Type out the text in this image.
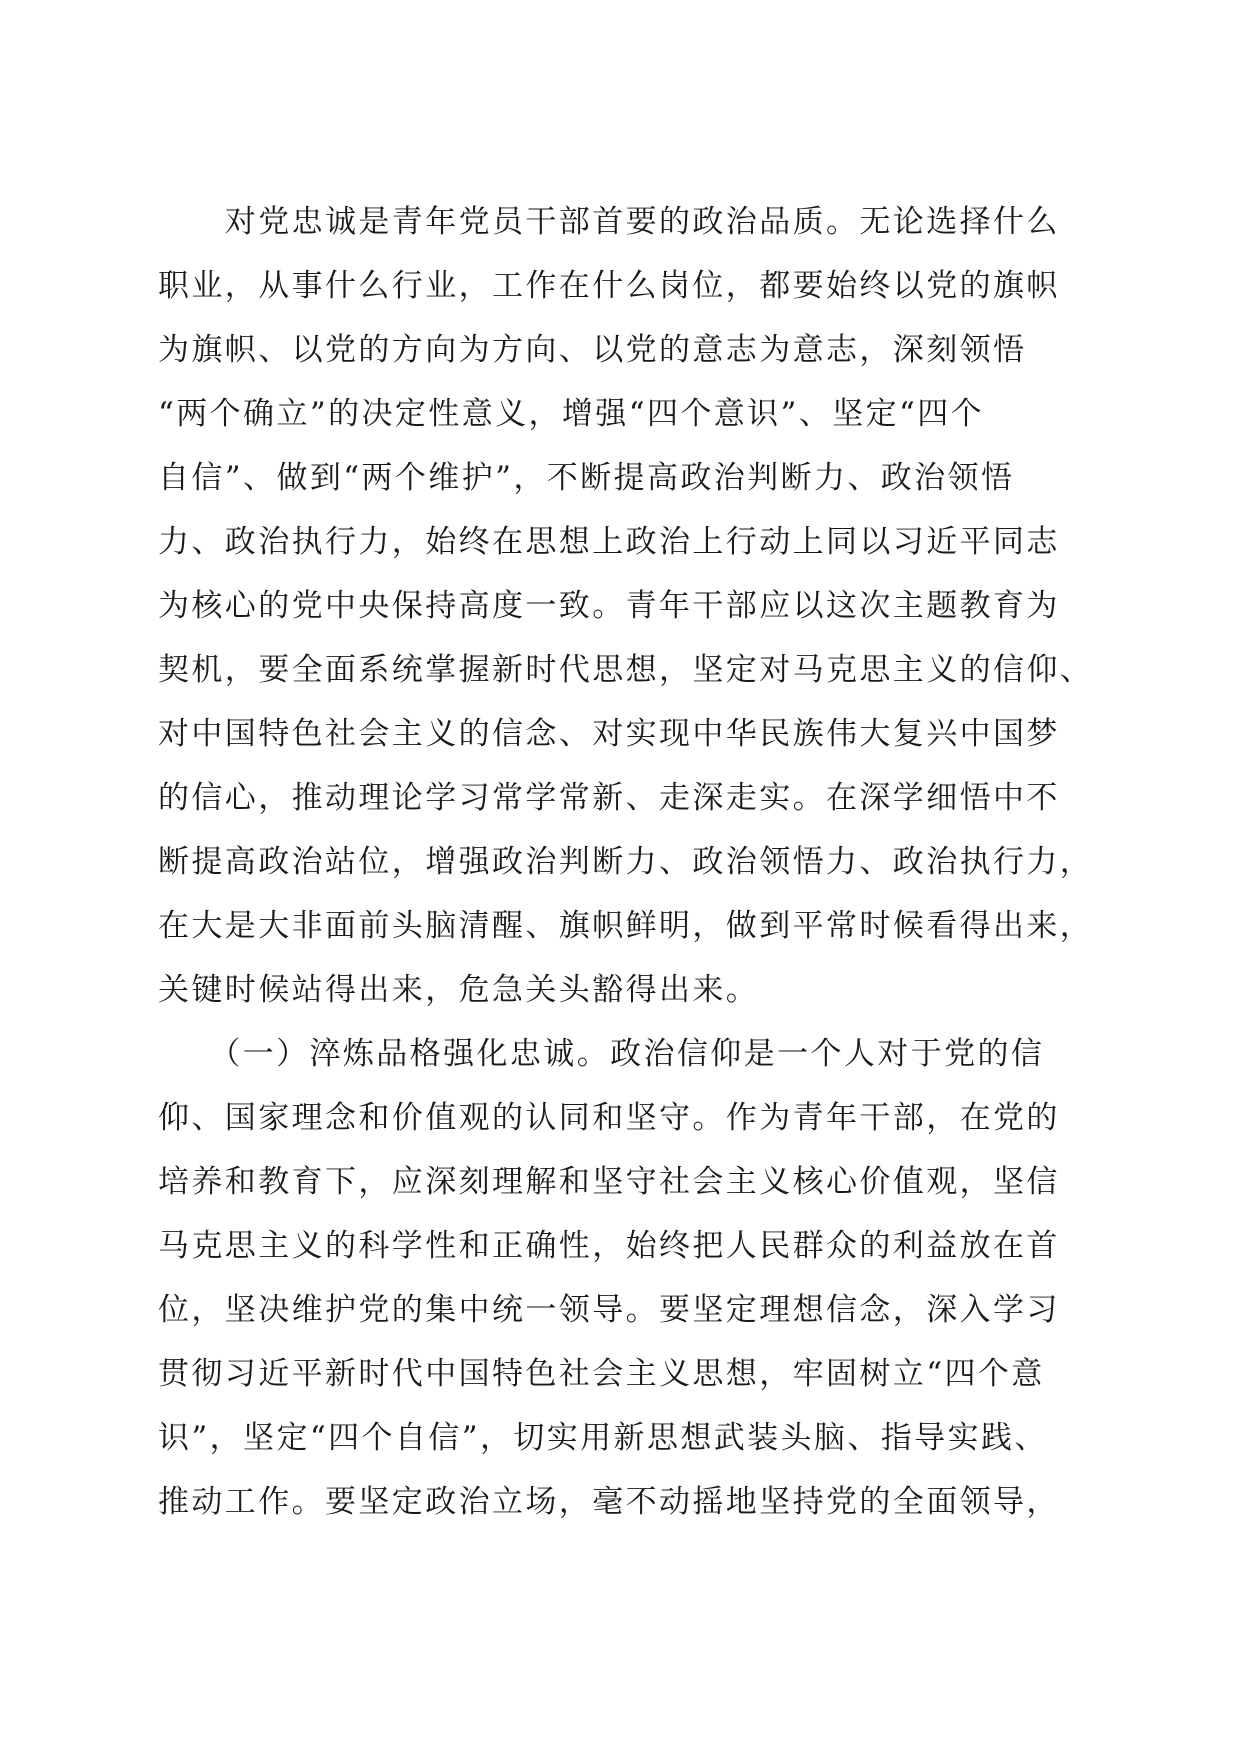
　　对党忠诚是青年党员干部首要的政治品质。无论选择什么
职业，从事什么行业，工作在什么岗位，都要始终以党的旗帜
为旗帜、以党的方向为方向、以党的意志为意志，深刻领悟
“两个确立”的决定性意义，增强“四个意识”、坚定“四个
自信”、做到“两个维护”，不断提高政治判断力、政治领悟
力、政治执行力，始终在思想上政治上行动上同以习近平同志
为核心的党中央保持高度一致。青年干部应以这次主题教育为
契机，要全面系统掌握新时代思想，坚定对马克思主义的信仰、
对中国特色社会主义的信念、对实现中华民族伟大复兴中国梦
的信心，推动理论学习常学常新、走深走实。在深学细悟中不
断提高政治站位，增强政治判断力、政治领悟力、政治执行力，
在大是大非面前头脑清醒、旗帜鲜明，做到平常时候看得出来，
关键时候站得出来，危急关头豁得出来。
　　（一）淬炼品格强化忠诚。政治信仰是一个人对于党的信
仰、国家理念和价值观的认同和坚守。作为青年干部，在党的
培养和教育下，应深刻理解和坚守社会主义核心价值观，坚信
马克思主义的科学性和正确性，始终把人民群众的利益放在首
位，坚决维护党的集中统一领导。要坚定理想信念，深入学习
贯彻习近平新时代中国特色社会主义思想，牢固树立“四个意
识”，坚定“四个自信”，切实用新思想武装头脑、指导实践、
推动工作。要坚定政治立场，毫不动摇地坚持党的全面领导，
